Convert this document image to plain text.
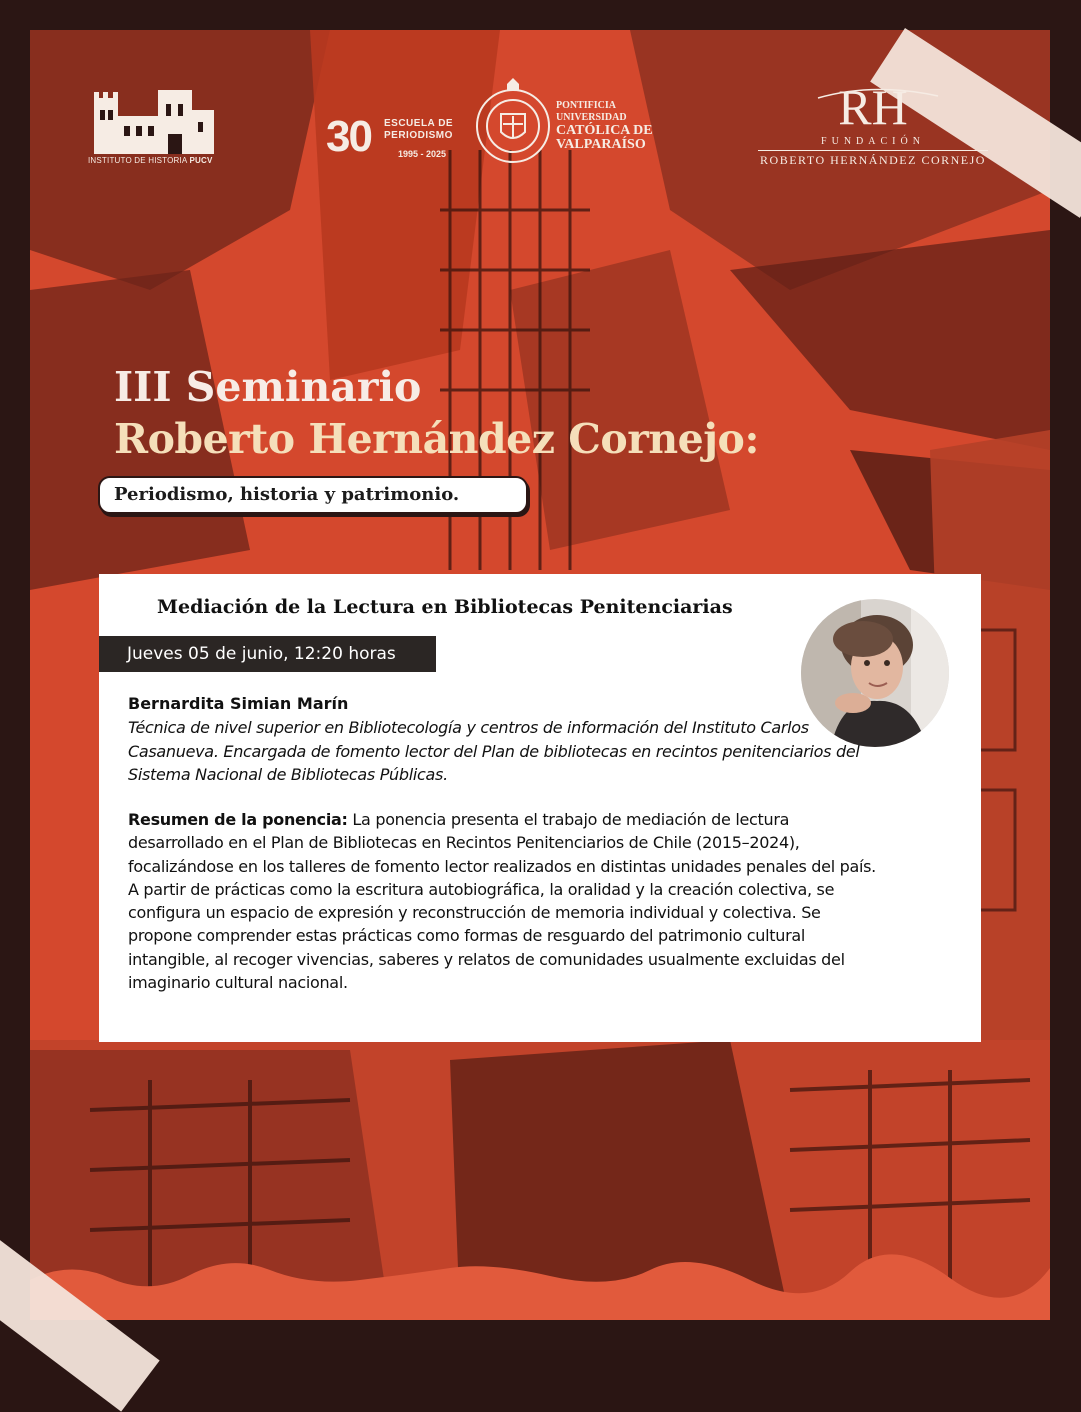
INSTITUTO DE HISTORIA PUCV	30 ESCUELA DE
PERIODISMO
1995 - 2025
PONTIFICIA
UNIVERSIDAD
CATÓLICA DE
VALPARAÍSO
RH
FUNDACIÓN
ROBERTO HERNÁNDEZ CORNEJO
III Seminario
Roberto Hernández Cornejo:
Periodismo, historia y patrimonio.
Mediación de la Lectura en Bibliotecas Penitenciarias
Jueves 05 de junio, 12:20 horas
Bernardita Simian Marín
Técnica de nivel superior en Bibliotecología y centros de información del Instituto Carlos Casanueva. Encargada de fomento lector del Plan de bibliotecas en recintos penitenciarios del Sistema Nacional de Bibliotecas Públicas.
Resumen de la ponencia: La ponencia presenta el trabajo de mediación de lectura desarrollado en el Plan de Bibliotecas en Recintos Penitenciarios de Chile (2015–2024), focalizándose en los talleres de fomento lector realizados en distintas unidades penales del país. A partir de prácticas como la escritura autobiográfica, la oralidad y la creación colectiva, se configura un espacio de expresión y reconstrucción de memoria individual y colectiva. Se propone comprender estas prácticas como formas de resguardo del patrimonio cultural intangible, al recoger vivencias, saberes y relatos de comunidades usualmente excluidas del imaginario cultural nacional.
